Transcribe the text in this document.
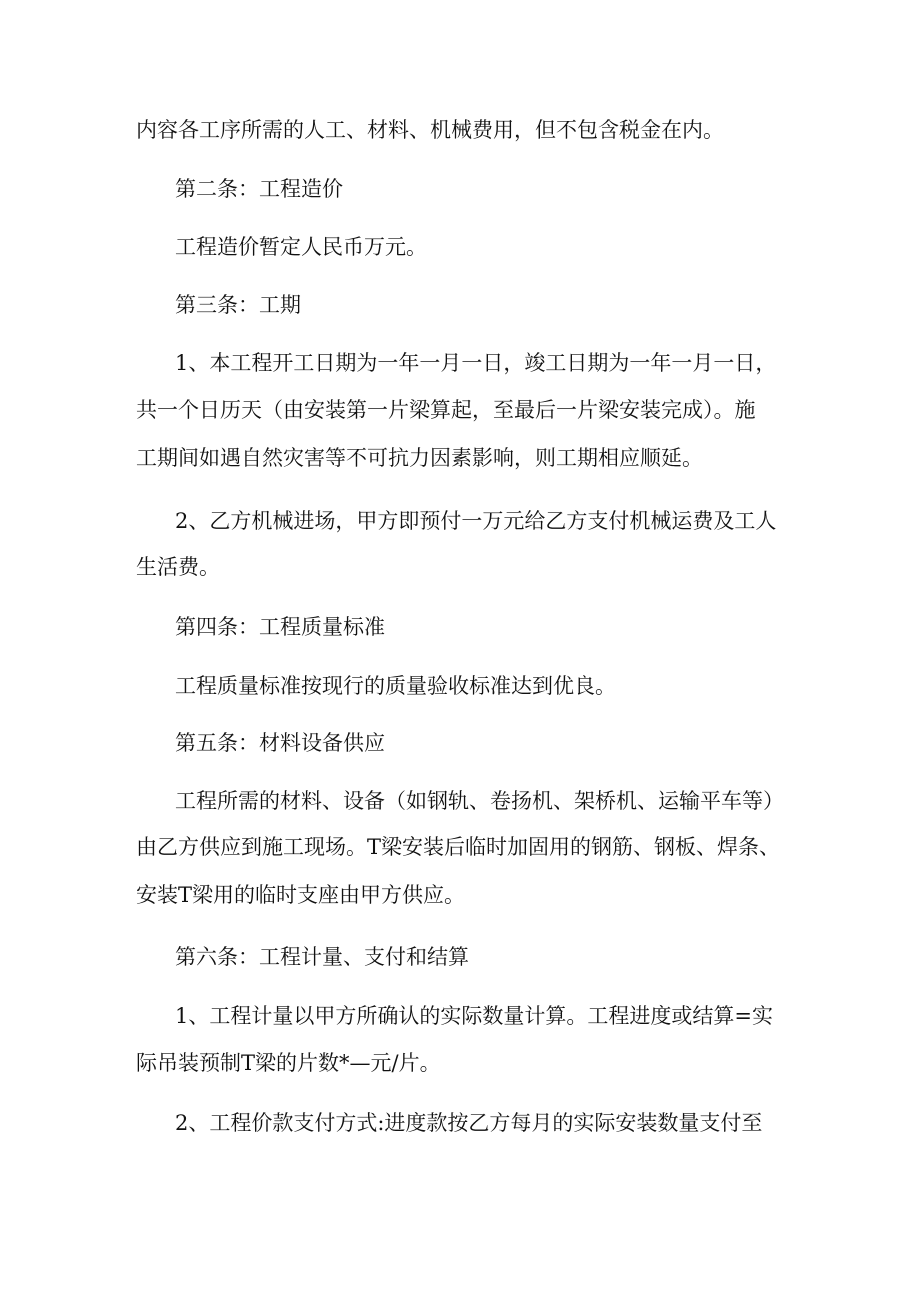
内容各工序所需的人工、材料、机械费用，但不包含税金在内。
第二条：工程造价
工程造价暂定人民币万元。
第三条：工期
1、本工程开工日期为一年一月一日，竣工日期为一年一月一日，
共一个日历天（由安装第一片梁算起，至最后一片梁安装完成）。施
工期间如遇自然灾害等不可抗力因素影响，则工期相应顺延。
2、乙方机械进场，甲方即预付一万元给乙方支付机械运费及工人
生活费。
第四条：工程质量标准
工程质量标准按现行的质量验收标准达到优良。
第五条：材料设备供应
工程所需的材料、设备（如钢轨、卷扬机、架桥机、运输平车等）
由乙方供应到施工现场。T梁安装后临时加固用的钢筋、钢板、焊条、
安装T梁用的临时支座由甲方供应。
第六条：工程计量、支付和结算
1、工程计量以甲方所确认的实际数量计算。工程进度或结算=实
际吊装预制T梁的片数*—元/片。
2、工程价款支付方式:进度款按乙方每月的实际安装数量支付至
